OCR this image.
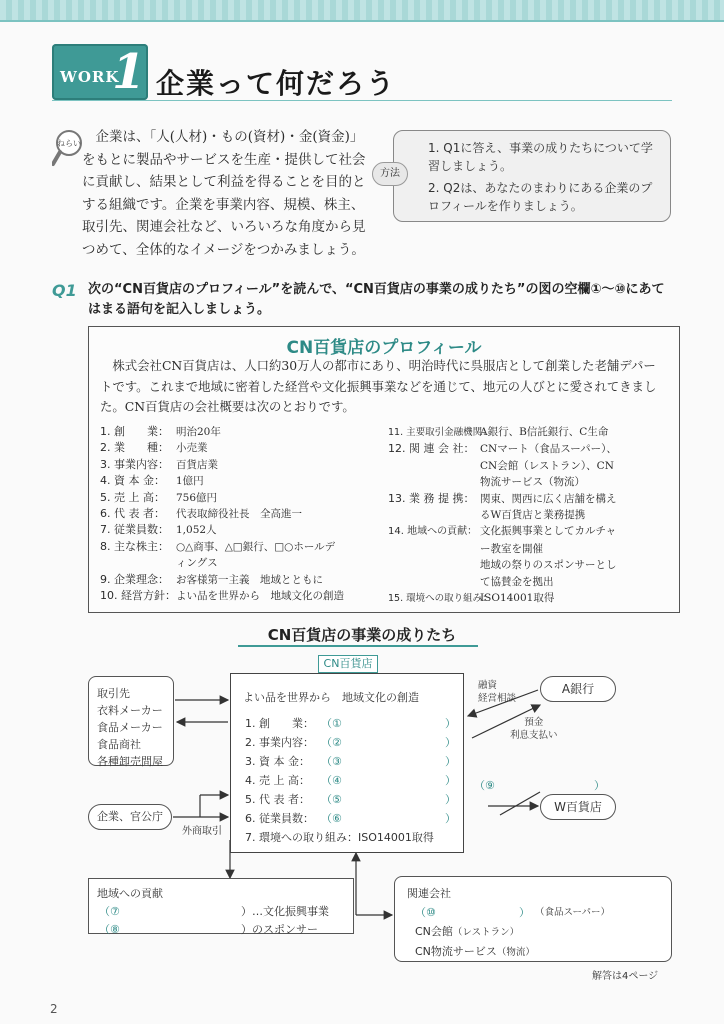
WORK
1 企業って何だろう
ねらい	企業は、「人(人材)・もの(資材)・金(資金)」をもとに製品やサービスを生産・提供して社会に貢献し、結果として利益を得ることを目的とする組織です。企業を事業内容、規模、株主、取引先、関連会社など、いろいろな角度から見つめて、全体的なイメージをつかみましょう。
1. Q1に答え、事業の成りたちについて学習しましょう。
2. Q2は、あなたのまわりにある企業のプロフィールを作りましょう。
方法
Q1 次の“CN百貨店のプロフィール”を読んで、“CN百貨店の事業の成りたち”の図の空欄①〜⑩にあてはまる語句を記入しましょう。
CN百貨店のプロフィール
株式会社CN百貨店は、人口約30万人の都市にあり、明治時代に呉服店として創業した老舗デパートです。これまで地域に密着した経営や文化振興事業などを通じて、地元の人びとに愛されてきました。CN百貨店の会社概要は次のとおりです。
1. 創　　業： 明治20年
2. 業　　種： 小売業
3. 事業内容： 百貨店業
4. 資 本 金： 1億円
5. 売 上 高： 756億円
6. 代 表 者： 代表取締役社長　全高進一
7. 従業員数： 1,052人
8. 主な株主： ○△商事、△□銀行、□○ホールデ
ィングス
9. 企業理念： お客様第一主義　地域とともに
10. 経営方針：よい品を世界から　地域文化の創造
11. 主要取引金融機関：A銀行、B信託銀行、C生命
12. 関 連 会 社： CNマート（食品スーパー）、
CN会館（レストラン）、CN
物流サービス（物流）
13. 業 務 提 携： 関東、関西に広く店舗を構え
るW百貨店と業務提携
14. 地域への貢献： 文化振興事業としてカルチャ
ー教室を開催
地域の祭りのスポンサーとし
て協賛金を拠出
15. 環境への取り組み：ISO14001取得
CN百貨店の事業の成りたち
よい品を世界から　地域文化の創造
1. 創　　業： （①	）
2. 事業内容： （②	）
3. 資 本 金： （③	）
4. 売 上 高： （④	）
5. 代 表 者： （⑤	）
6. 従業員数： （⑥	）
7. 環境への取り組み：ISO14001取得
CN百貨店
取引先
衣料メーカー
食品メーカー
食品商社
各種卸売問屋
企業、官公庁
外商取引
A銀行
融資
経営相談
預金
利息支払い
（⑨	）
W百貨店
地域への貢献
（⑦	）…文化振興事業
（⑧	）のスポンサー
関連会社
（⑩	） （食品スーパー）
CN会館（レストラン）
CN物流サービス（物流）
解答は4ページ
2
